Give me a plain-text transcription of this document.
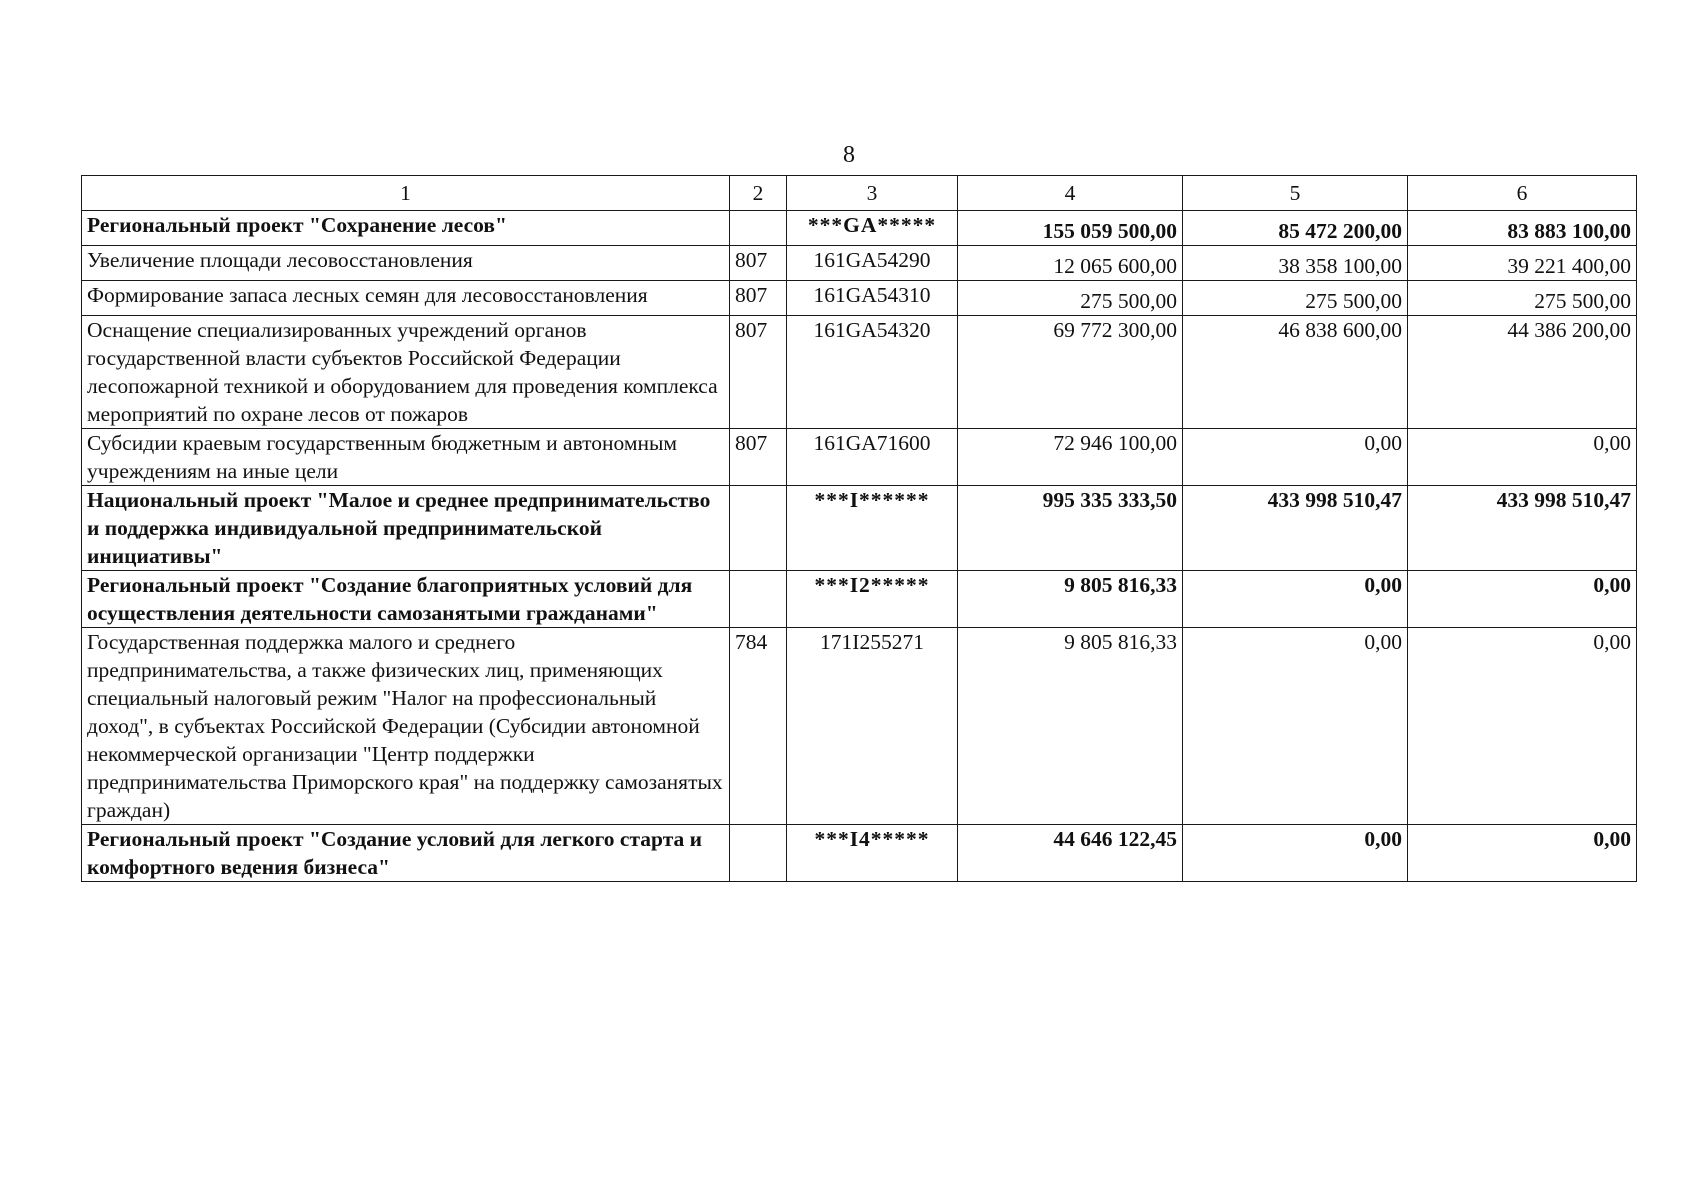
8
1	2	3	4	5	6
Региональный проект "Сохранение лесов"		***GA*****	155 059 500,00	85 472 200,00	83 883 100,00
Увеличение площади лесовосстановления	807	161GA54290	12 065 600,00	38 358 100,00	39 221 400,00
Формирование запаса лесных семян для лесовосстановления	807	161GA54310	275 500,00	275 500,00	275 500,00
Оснащение специализированных учреждений органов государственной власти субъектов Российской Федерации лесопожарной техникой и оборудованием для проведения комплекса мероприятий по охране лесов от пожаров	807	161GA54320	69 772 300,00	46 838 600,00	44 386 200,00
Субсидии краевым государственным бюджетным и автономным учреждениям на иные цели	807	161GA71600	72 946 100,00	0,00	0,00
Национальный проект "Малое и среднее предпринимательство и поддержка индивидуальной предпринимательской инициативы"		***I******	995 335 333,50	433 998 510,47	433 998 510,47
Региональный проект "Создание благоприятных условий для осуществления деятельности самозанятыми гражданами"		***I2*****	9 805 816,33	0,00	0,00
Государственная поддержка малого и среднего предпринимательства, а также физических лиц, применяющих специальный налоговый режим "Налог на профессиональный доход", в субъектах Российской Федерации (Субсидии автономной некоммерческой организации "Центр поддержки предпринимательства Приморского края" на поддержку самозанятых граждан)	784	171I255271	9 805 816,33	0,00	0,00
Региональный проект "Создание условий для легкого старта и комфортного ведения бизнеса"		***I4*****	44 646 122,45	0,00	0,00
